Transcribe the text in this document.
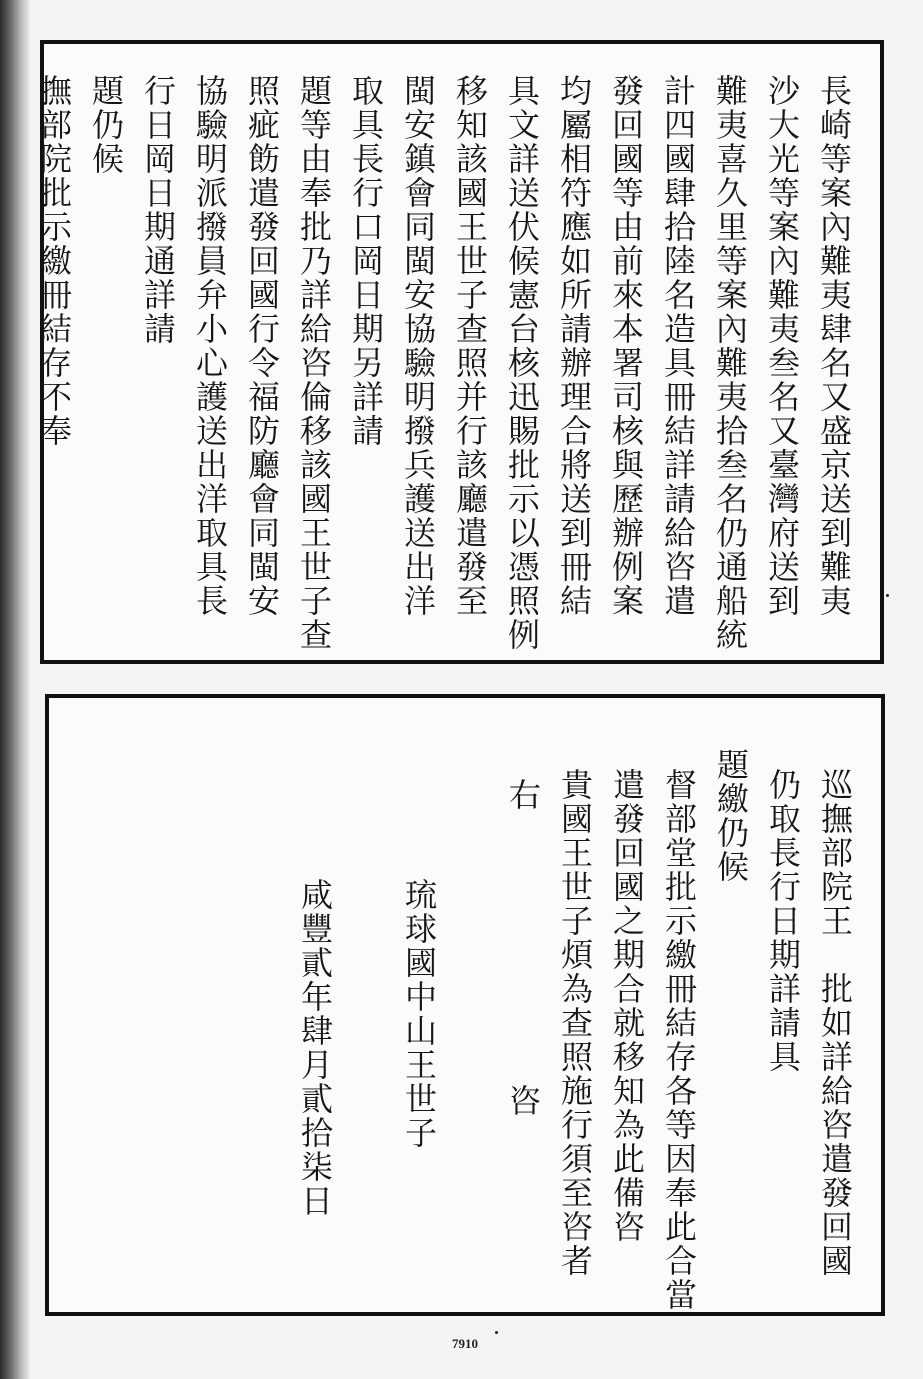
長崎等案內難夷肆名又盛京送到難夷
沙大光等案內難夷叁名又臺灣府送到
難夷喜久里等案內難夷拾叁名仍通船統
計四國肆拾陸名造具冊結詳請給咨遣
發回國等由前來本署司核與歷辦例案
均屬相符應如所請辦理合將送到冊結
具文詳送伏候憲台核迅賜批示以憑照例
移知該國王世子查照并行該廳遣發至
閩安鎮會同閩安協驗明撥兵護送出洋
取具長行口岡日期另詳請
題等由奉批乃詳給咨倫移該國王世子查
照疵飭遣發回國行令福防廳會同閩安
協驗明派撥員弁小心護送出洋取具長
行日岡日期通詳請
題仍候
撫部院批示繳冊結存不奉
巡撫部院王　批如詳給咨遣發回國
仍取長行日期詳請具
題繳仍候
督部堂批示繳冊結存各等因奉此合當
遣發回國之期合就移知為此備咨
貴國王世子煩為查照施行須至咨者
右　　　　　　　　咨
琉球國中山王世子
咸豐貳年肆月貳拾柒日
7910
